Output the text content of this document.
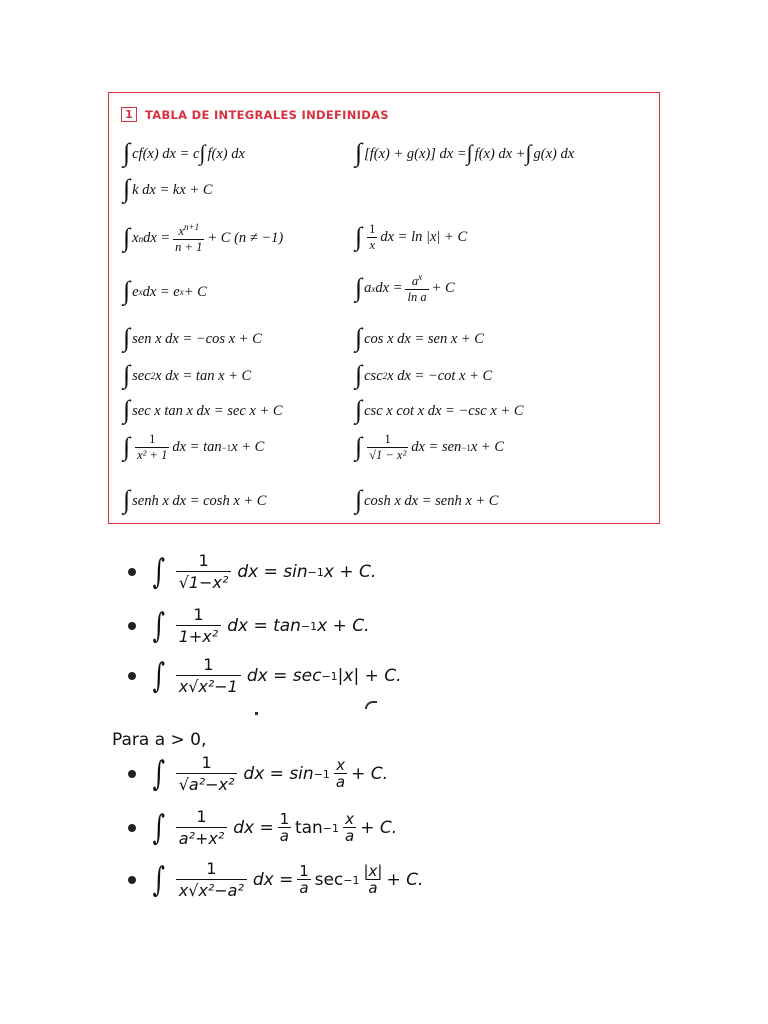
1	TABLA DE INTEGRALES INDEFINIDAS
∫ cf(x) dx = c ∫ f(x) dx
∫ k dx = kx + C
∫ x n dx = $\frac{x^{n+1}}{n + 1} + C$ (n ≠ −1)
∫ e x dx = e x + C
∫ sen x dx = −cos x + C
∫ sec 2 x dx = tan x + C
∫ sec x tan x dx = sec x + C
∫ $\frac{1}{\text{x² + 1}}$ dx = tan −1 x + C
∫ senh x dx = cosh x + C
∫ [f(x) + g(x)] dx = ∫ f(x) dx + ∫ g(x) dx
∫ $\frac{1}{x}$ dx = ln |x| + C
∫ a x dx = $\frac{a^x}{\text{ln a}} + C$
∫ cos x dx = sen x + C
∫ csc 2 x dx = −cot x + C
∫ csc x cot x dx = −csc x + C
∫ $\frac{1}{\text{√1 − x²}}$ dx = sen −1 x + C
∫ cosh x dx = senh x + C
∫ 1
√1−x²
dx = sin −1 x + C.
∫ 1
1+x²
dx = tan −1 x + C.
∫ 1
x√x²−1
dx = sec −1 |x| + C.
Para a > 0,
∫ 1
√a²−x²
dx = sin −1
x
a + C.
∫ 1
a²+x²
dx = $\frac{1}{a}$ tan −1
x
a + C.
∫	1
x√x²−a²
dx = $\frac{1}{a}$ sec −1
|x|
a + C.
